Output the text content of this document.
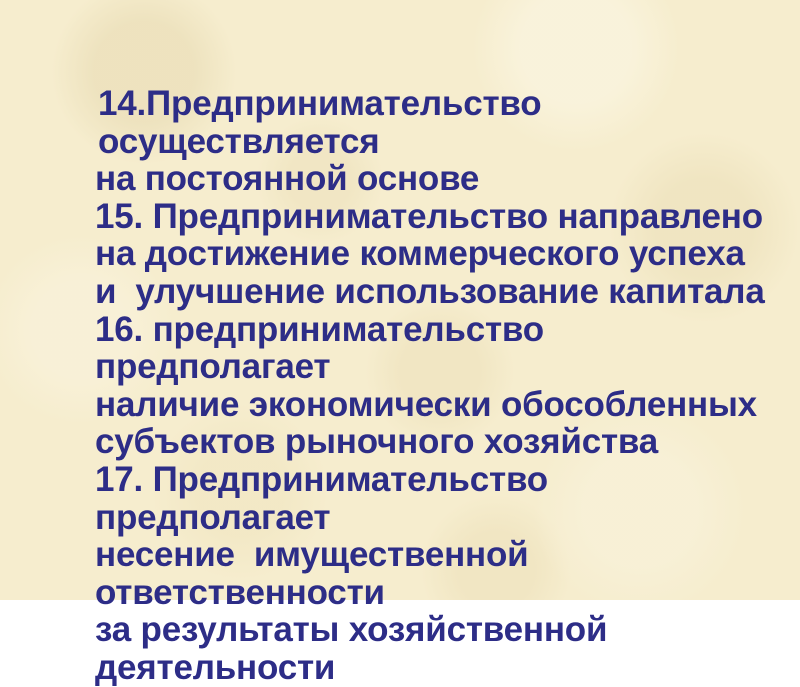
14.Предпринимательство осуществляется
на постоянной основе
15. Предпринимательство направлено
на достижение коммерческого успеха
и  улучшение использование капитала
16. предпринимательство предполагает
наличие экономически обособленных
субъектов рыночного хозяйства
17. Предпринимательство предполагает
несение  имущественной ответственности
за результаты хозяйственной
деятельности
